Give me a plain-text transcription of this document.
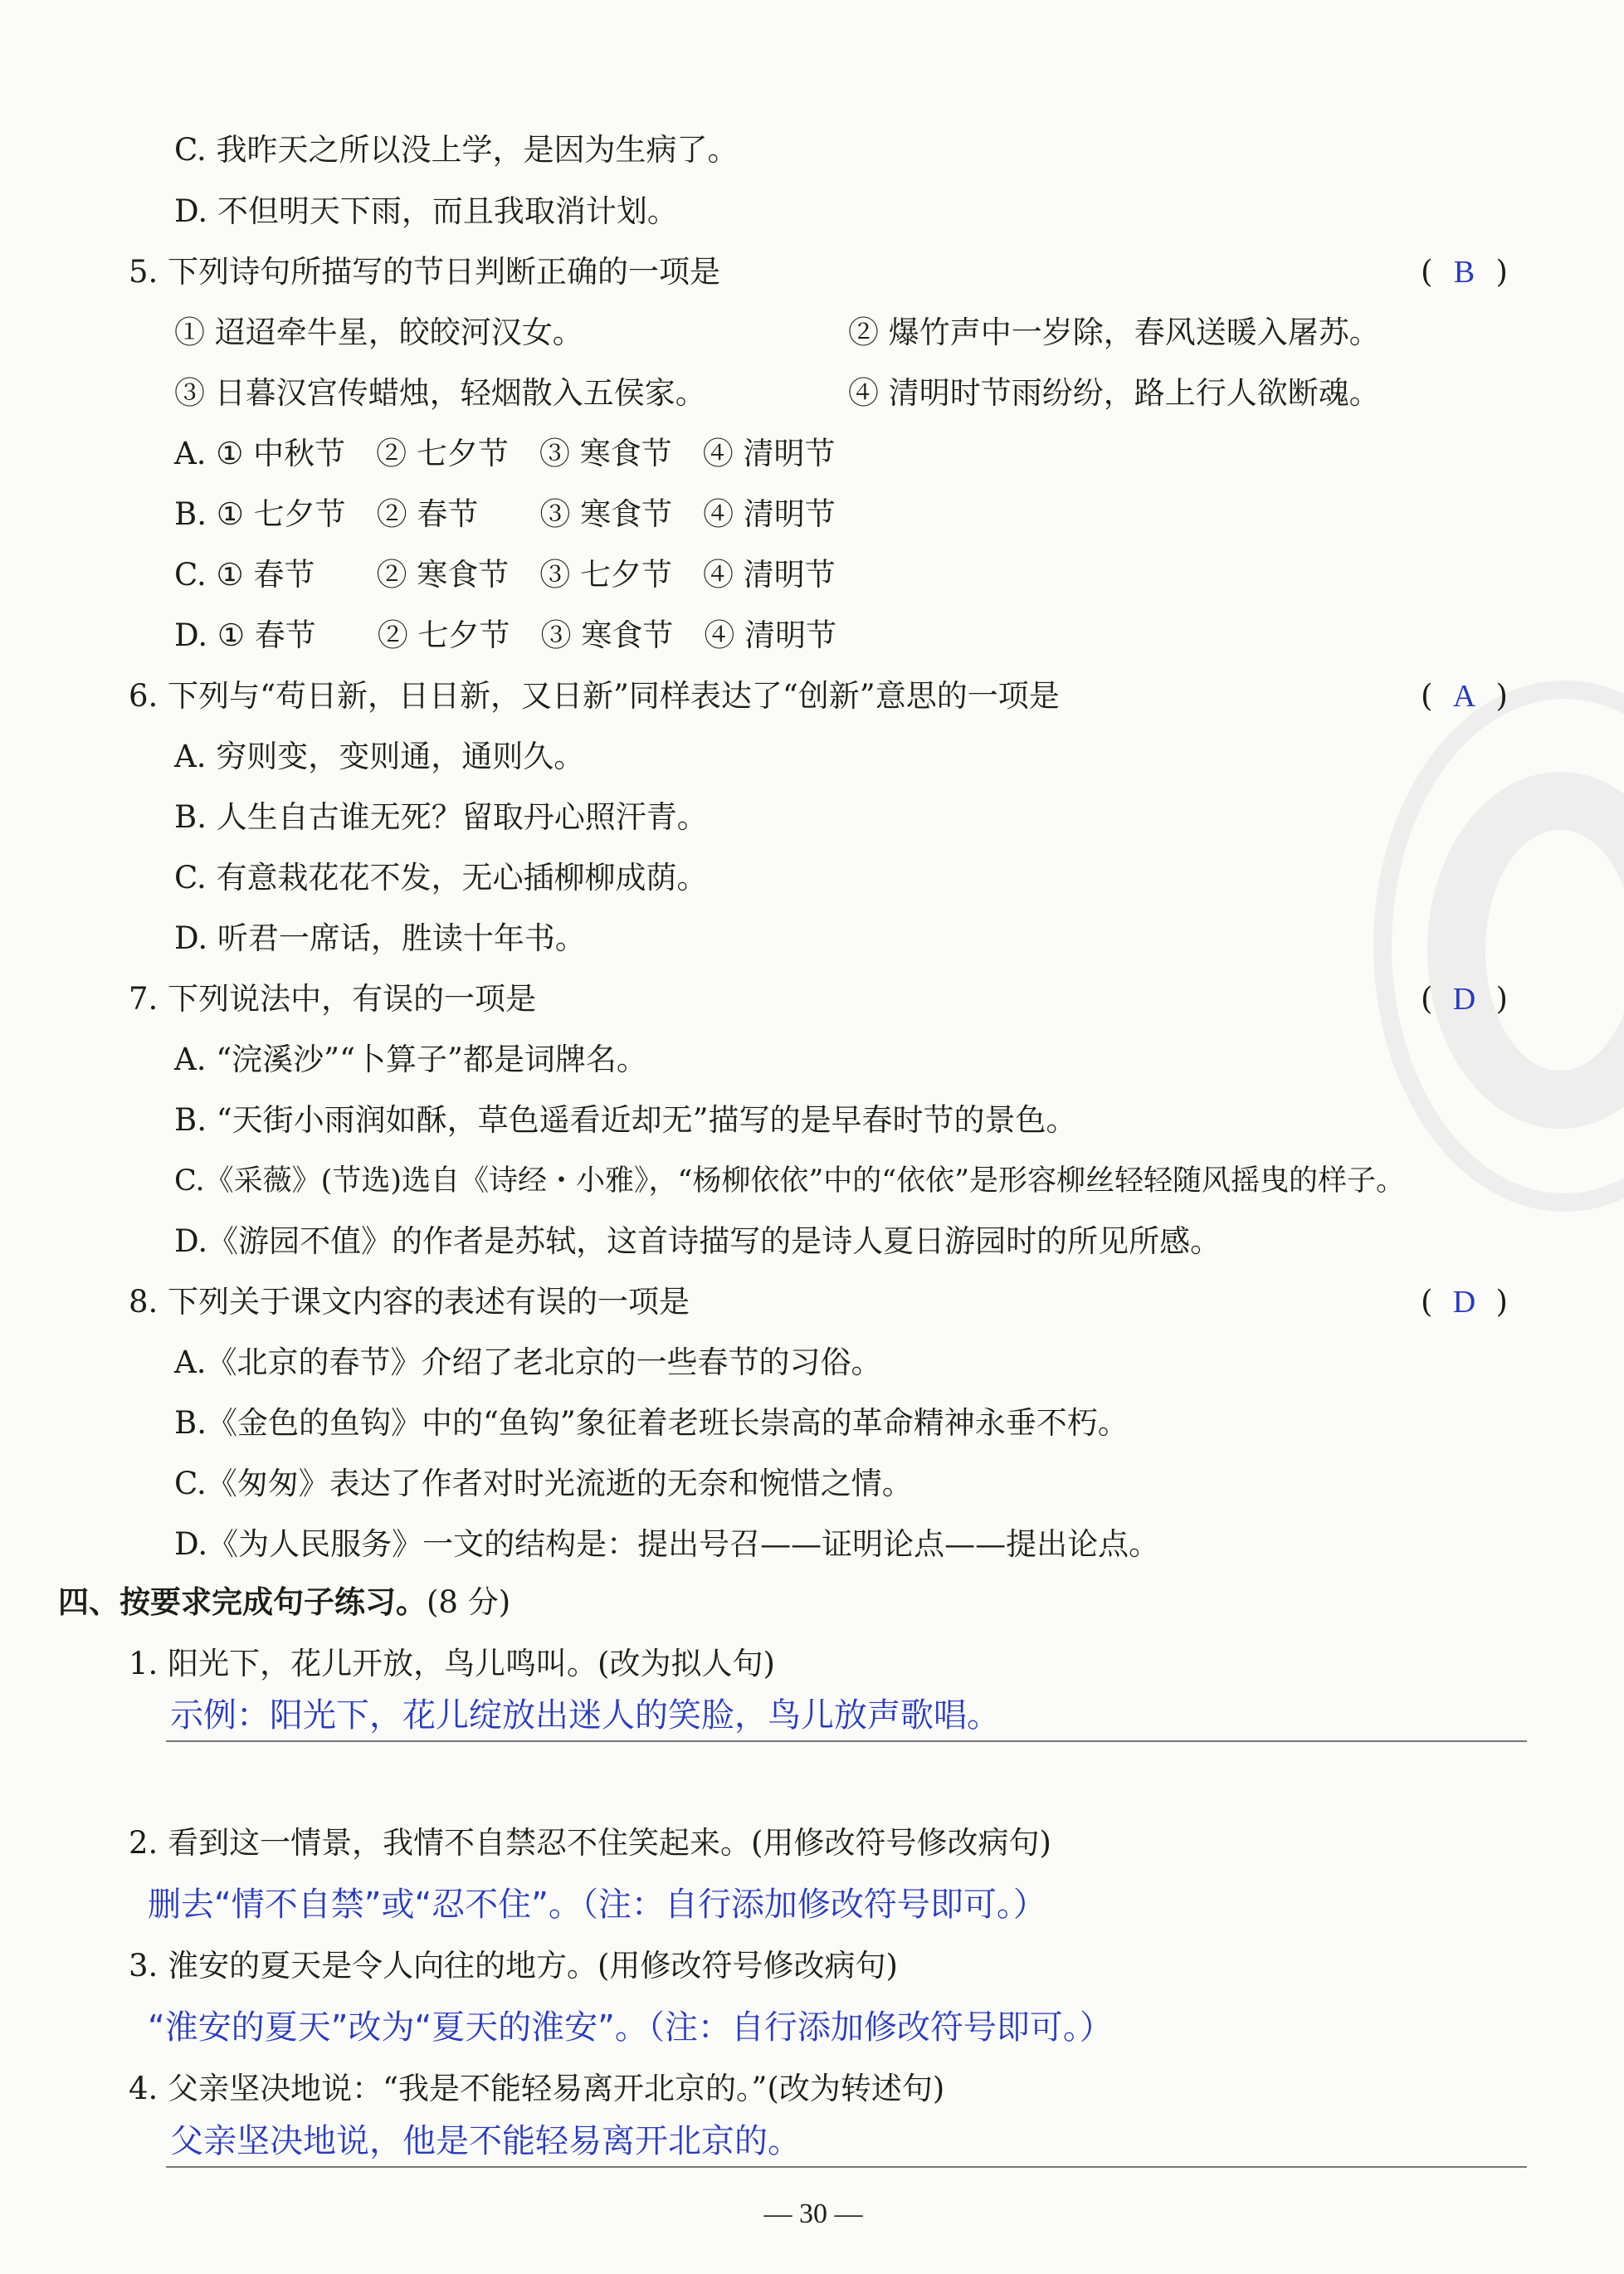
C. 我昨天之所以没上学，是因为生病了。
D. 不但明天下雨，而且我取消计划。
5. 下列诗句所描写的节日判断正确的一项是	( B )
① 迢迢牵牛星，皎皎河汉女。	② 爆竹声中一岁除，春风送暖入屠苏。
③ 日暮汉宫传蜡烛，轻烟散入五侯家。	④ 清明时节雨纷纷，路上行人欲断魂。
A. ① 中秋节　② 七夕节　③ 寒食节　④ 清明节
B. ① 七夕节　② 春节　　③ 寒食节　④ 清明节
C. ① 春节　　② 寒食节　③ 七夕节　④ 清明节
D. ① 春节　　② 七夕节　③ 寒食节　④ 清明节
6. 下列与“苟日新，日日新，又日新”同样表达了“创新”意思的一项是	( A )
A. 穷则变，变则通，通则久。
B. 人生自古谁无死？留取丹心照汗青。
C. 有意栽花花不发，无心插柳柳成荫。
D. 听君一席话，胜读十年书。
7. 下列说法中，有误的一项是	( D )
A. “浣溪沙”“卜算子”都是词牌名。
B. “天街小雨润如酥，草色遥看近却无”描写的是早春时节的景色。
C.《采薇》(节选)选自《诗经・小雅》，“杨柳依依”中的“依依”是形容柳丝轻轻随风摇曳的样子。
D.《游园不值》的作者是苏轼，这首诗描写的是诗人夏日游园时的所见所感。
8. 下列关于课文内容的表述有误的一项是	( D )
A.《北京的春节》介绍了老北京的一些春节的习俗。
B.《金色的鱼钩》中的“鱼钩”象征着老班长崇高的革命精神永垂不朽。
C.《匆匆》表达了作者对时光流逝的无奈和惋惜之情。
D.《为人民服务》一文的结构是：提出号召——证明论点——提出论点。
四、按要求完成句子练习。(8 分)
1. 阳光下，花儿开放，鸟儿鸣叫。(改为拟人句)
示例：阳光下，花儿绽放出迷人的笑脸，鸟儿放声歌唱。
2. 看到这一情景，我情不自禁忍不住笑起来。(用修改符号修改病句)
删去“情不自禁”或“忍不住”。（注：自行添加修改符号即可。）
3. 淮安的夏天是令人向往的地方。(用修改符号修改病句)
“淮安的夏天”改为“夏天的淮安”。（注：自行添加修改符号即可。）
4. 父亲坚决地说：“我是不能轻易离开北京的。”(改为转述句)
父亲坚决地说，他是不能轻易离开北京的。
— 30 —
